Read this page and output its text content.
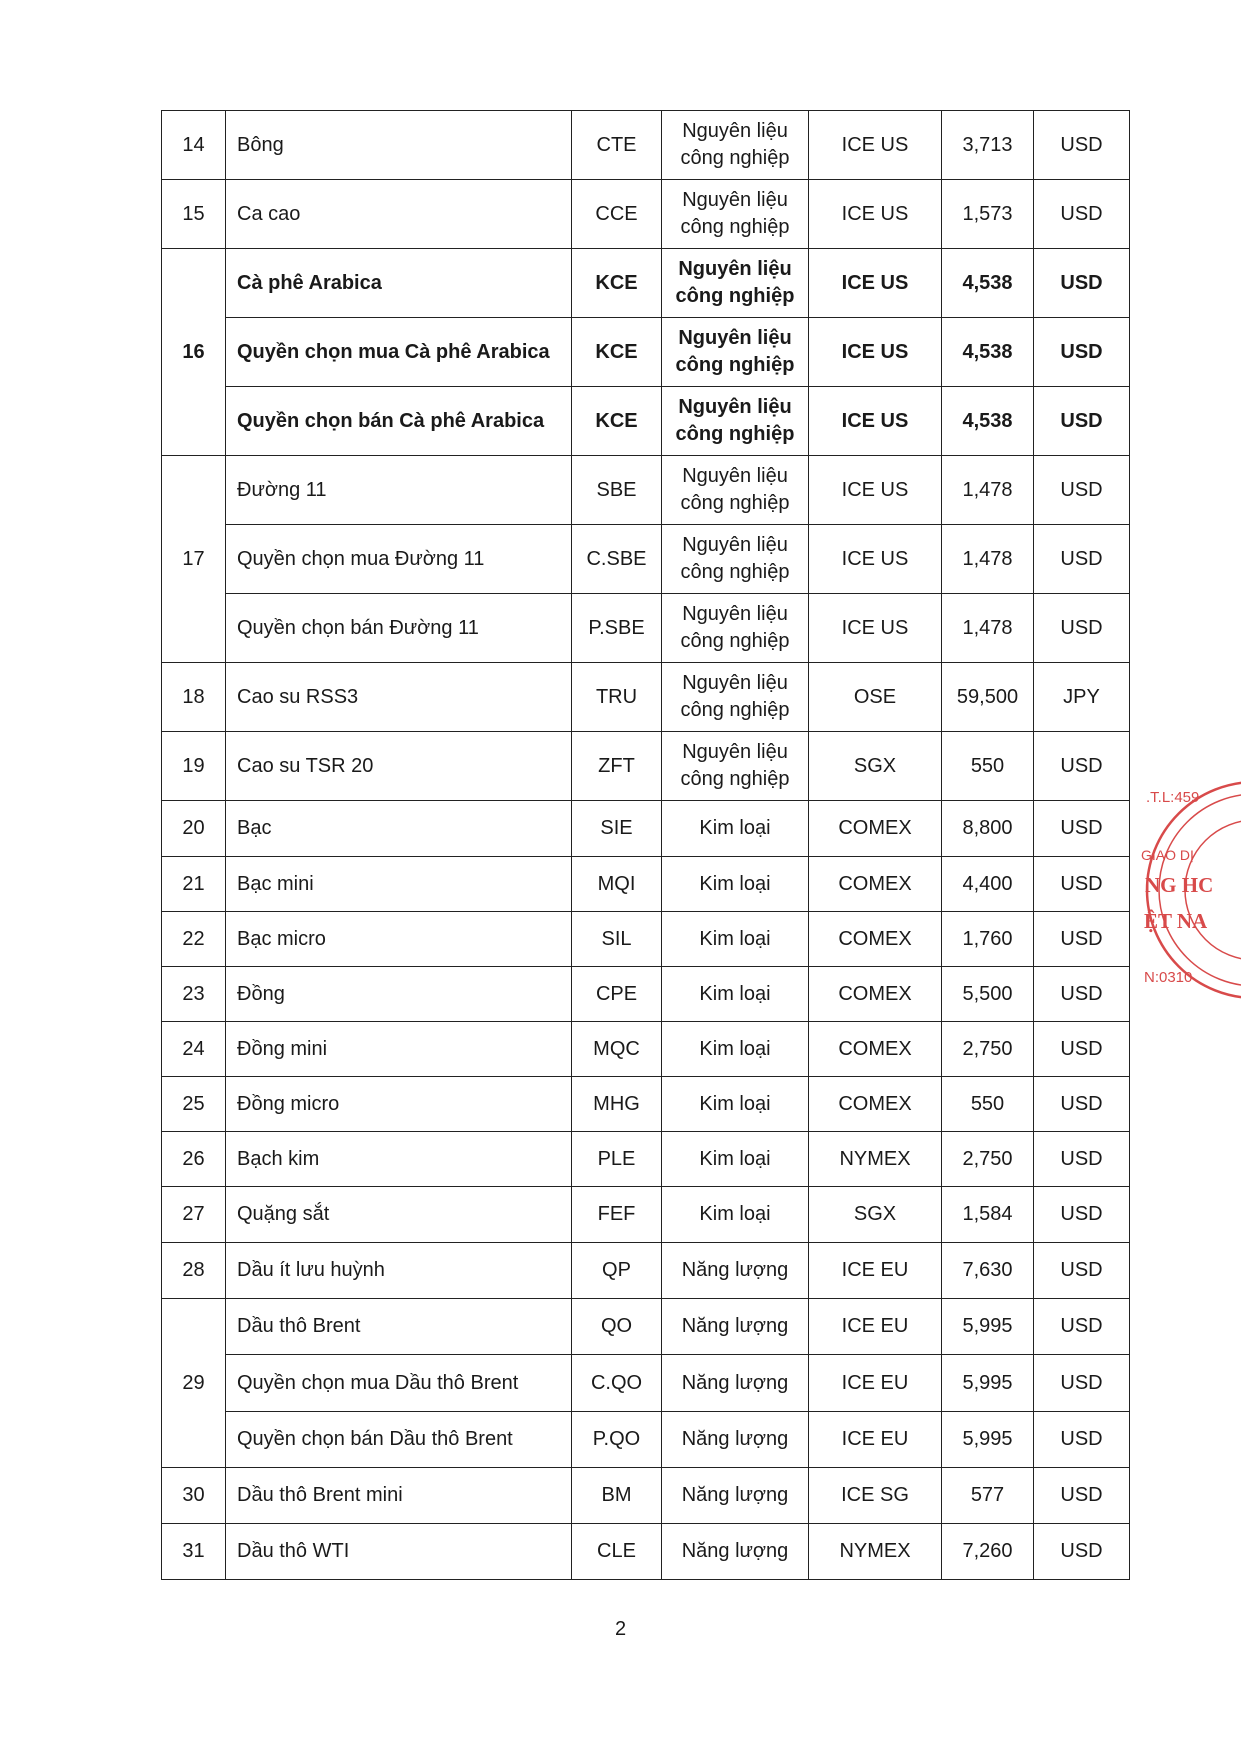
14	Bông	CTE	Nguyên liệu
công nghiệp	ICE US	3,713	USD
15	Ca cao	CCE	Nguyên liệu
công nghiệp	ICE US	1,573	USD
16	Cà phê Arabica	KCE	Nguyên liệu
công nghiệp	ICE US	4,538	USD
	Quyền chọn mua Cà phê Arabica	KCE	Nguyên liệu
công nghiệp	ICE US	4,538	USD
	Quyền chọn bán Cà phê Arabica	KCE	Nguyên liệu
công nghiệp	ICE US	4,538	USD
17	Đường 11	SBE	Nguyên liệu
công nghiệp	ICE US	1,478	USD
	Quyền chọn mua Đường 11	C.SBE	Nguyên liệu
công nghiệp	ICE US	1,478	USD
	Quyền chọn bán Đường 11	P.SBE	Nguyên liệu
công nghiệp	ICE US	1,478	USD
18	Cao su RSS3	TRU	Nguyên liệu
công nghiệp	OSE	59,500	JPY
19	Cao su TSR 20	ZFT	Nguyên liệu
công nghiệp	SGX	550	USD
20	Bạc	SIE	Kim loại	COMEX	8,800	USD
21	Bạc mini	MQI	Kim loại	COMEX	4,400	USD
22	Bạc micro	SIL	Kim loại	COMEX	1,760	USD
23	Đồng	CPE	Kim loại	COMEX	5,500	USD
24	Đồng mini	MQC	Kim loại	COMEX	2,750	USD
25	Đồng micro	MHG	Kim loại	COMEX	550	USD
26	Bạch kim	PLE	Kim loại	NYMEX	2,750	USD
27	Quặng sắt	FEF	Kim loại	SGX	1,584	USD
28	Dầu ít lưu huỳnh	QP	Năng lượng	ICE EU	7,630	USD
29	Dầu thô Brent	QO	Năng lượng	ICE EU	5,995	USD
	Quyền chọn mua Dầu thô Brent	C.QO	Năng lượng	ICE EU	5,995	USD
	Quyền chọn bán Dầu thô Brent	P.QO	Năng lượng	ICE EU	5,995	USD
30	Dầu thô Brent mini	BM	Năng lượng	ICE SG	577	USD
31	Dầu thô WTI	CLE	Năng lượng	NYMEX	7,260	USD
2
.T.L:459
GIAO DỊ
NG HC
ỆT NA
N:0310
